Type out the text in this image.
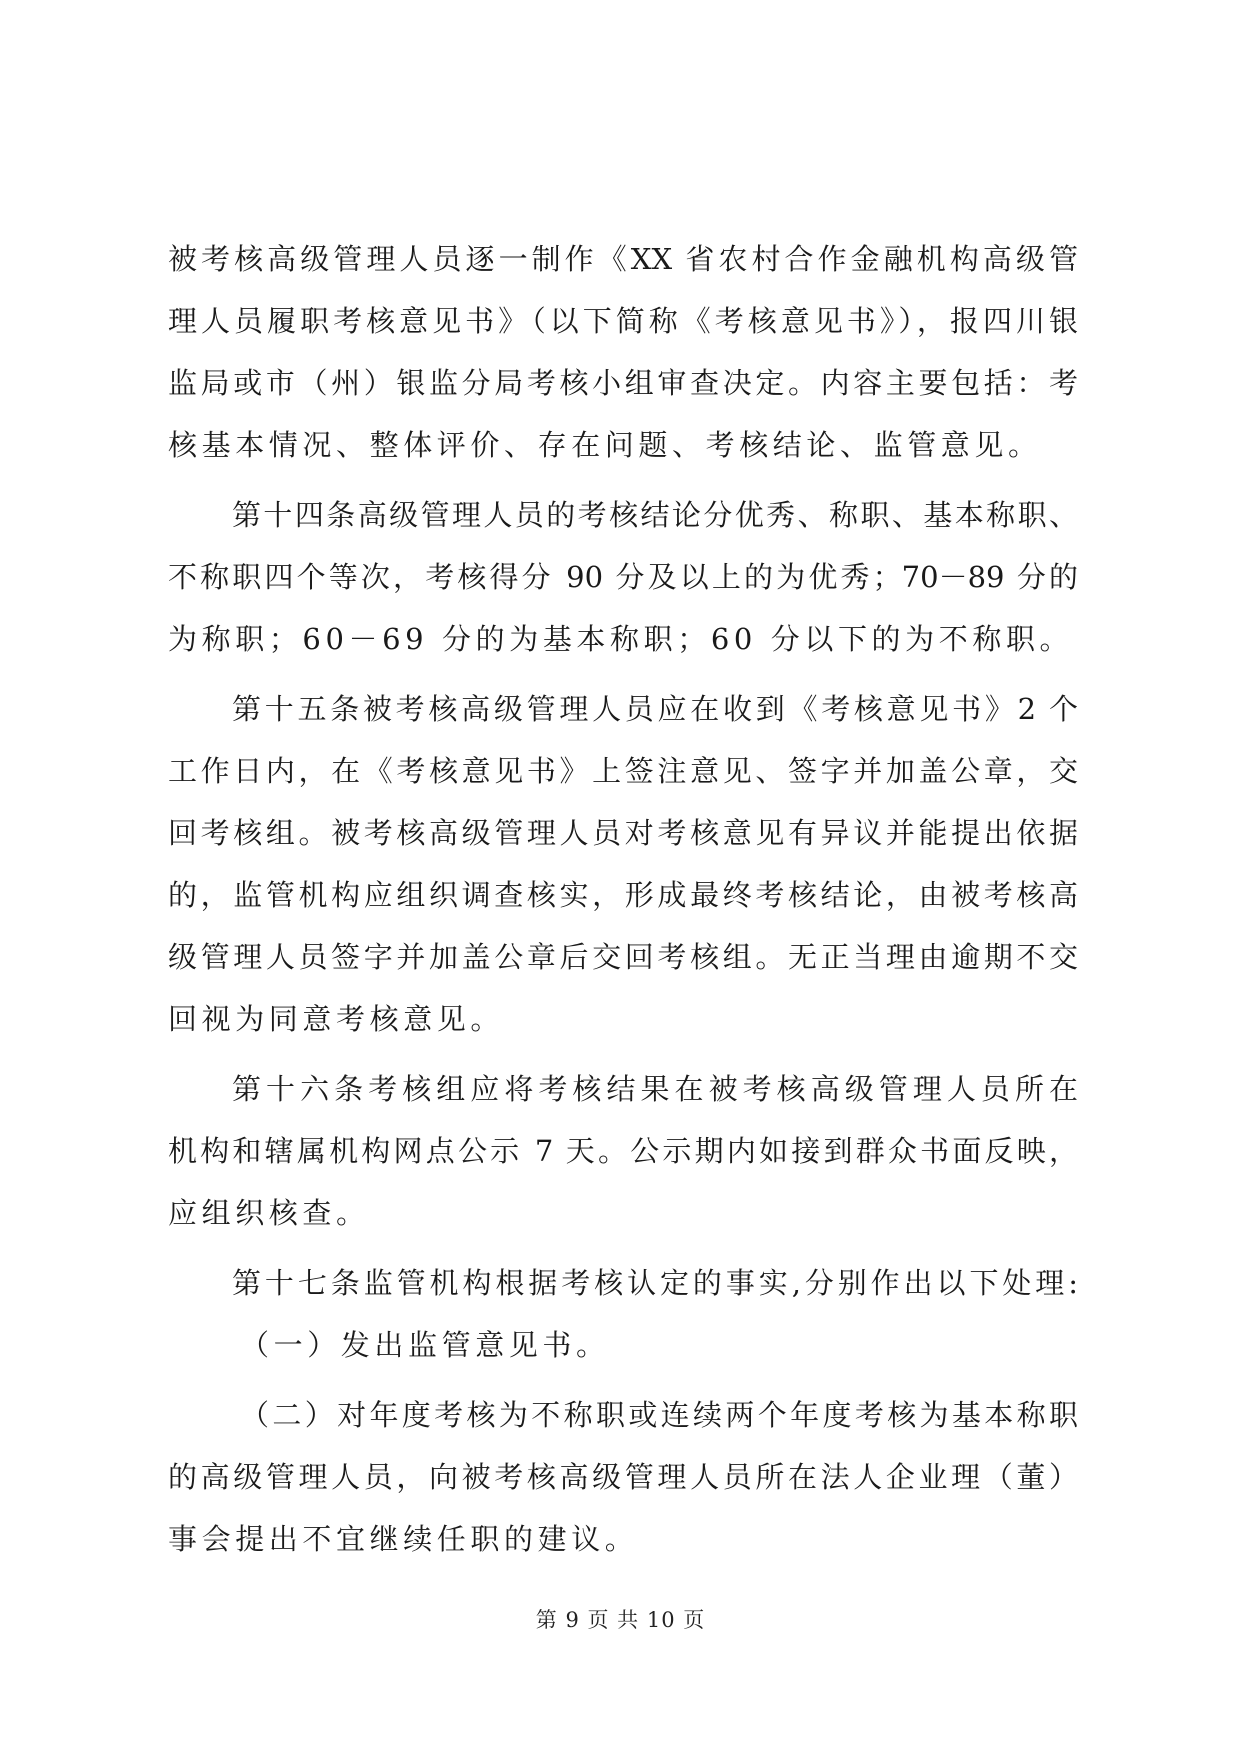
被考核高级管理人员逐一制作《XX 省农村合作金融机构高级管
理人员履职考核意见书》（以下简称《考核意见书》），报四川银
监局或市（州）银监分局考核小组审查决定。内容主要包括：考
核基本情况、整体评价、存在问题、考核结论、监管意见。
第十四条高级管理人员的考核结论分优秀、称职、基本称职、
不称职四个等次，考核得分 90 分及以上的为优秀；70－89 分的
为称职；60－69 分的为基本称职；60 分以下的为不称职。
第十五条被考核高级管理人员应在收到《考核意见书》2 个
工作日内，在《考核意见书》上签注意见、签字并加盖公章，交
回考核组。被考核高级管理人员对考核意见有异议并能提出依据
的，监管机构应组织调查核实，形成最终考核结论，由被考核高
级管理人员签字并加盖公章后交回考核组。无正当理由逾期不交
回视为同意考核意见。
第十六条考核组应将考核结果在被考核高级管理人员所在
机构和辖属机构网点公示 7 天。公示期内如接到群众书面反映，
应组织核查。
第十七条监管机构根据考核认定的事实,分别作出以下处理:
（一）发出监管意见书。
（二）对年度考核为不称职或连续两个年度考核为基本称职
的高级管理人员，向被考核高级管理人员所在法人企业理（董）
事会提出不宜继续任职的建议。
第 9 页 共 10 页
